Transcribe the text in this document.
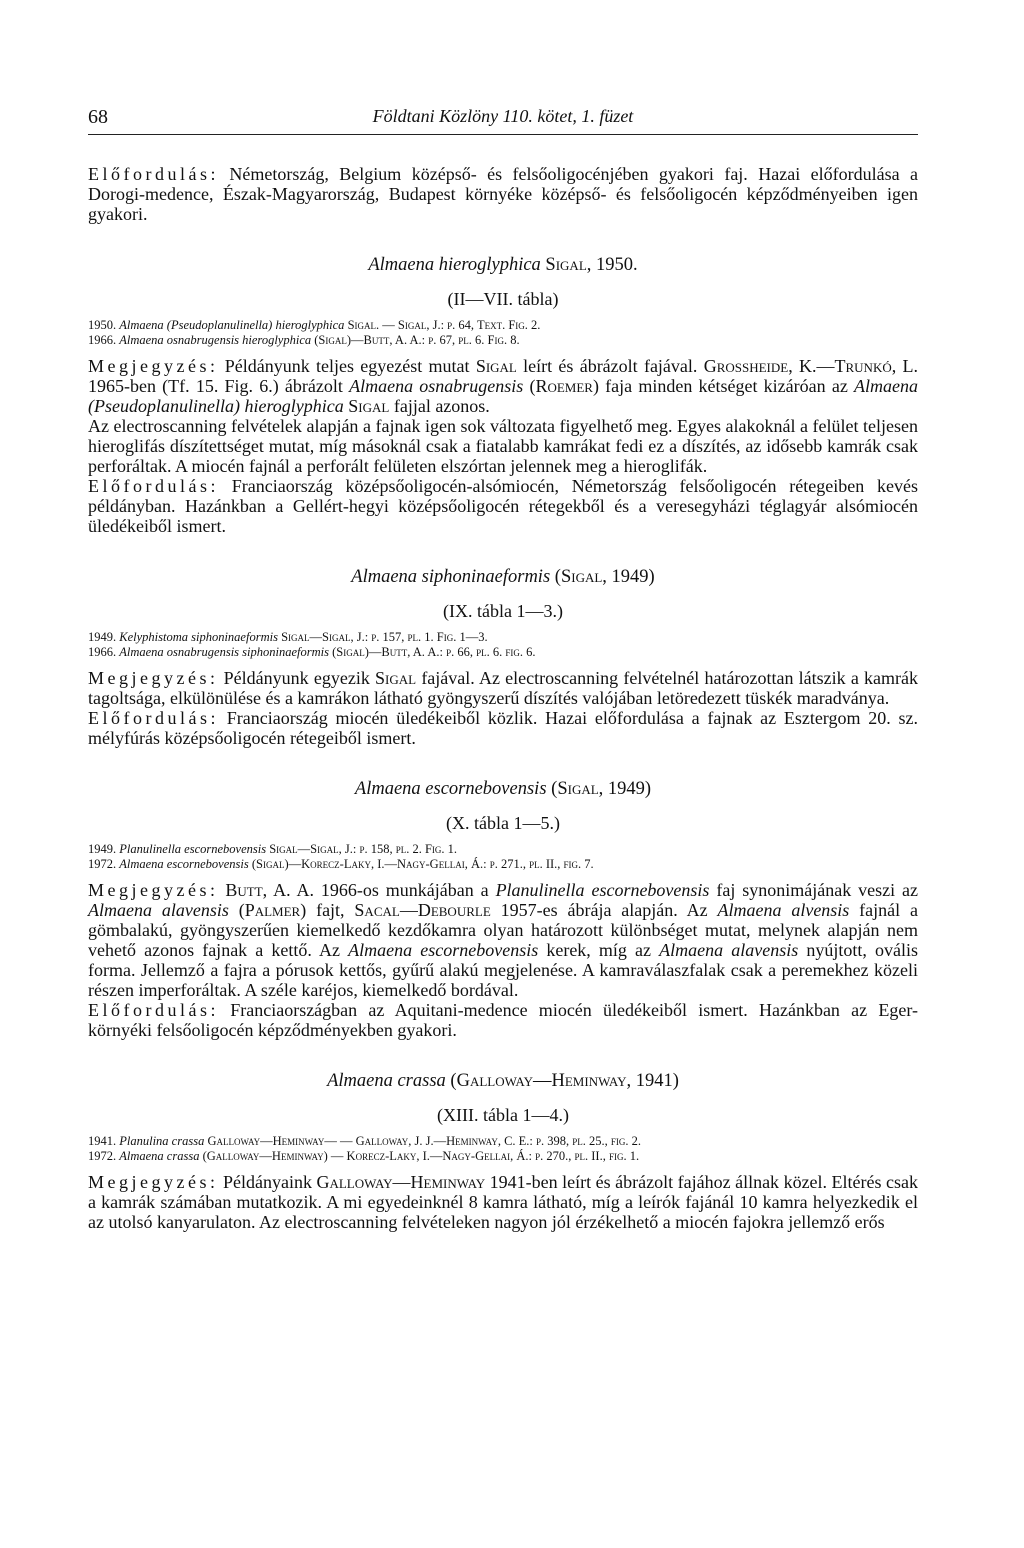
68	Földtani Közlöny 110. kötet, 1. füzet

Előfordulás: Németország, Belgium középső- és felsőoligocénjében gyakori faj. Hazai előfordulása a Dorogi-medence, Észak-Magyarország, Budapest környéke középső- és felsőoligocén képződményeiben igen gyakori.

Almaena hieroglyphica Sigal, 1950.

(II—VII. tábla)

1950. Almaena (Pseudoplanulinella) hieroglyphica Sigal. — Sigal, J.: p. 64, Text. Fig. 2.
1966. Almaena osnabrugensis hieroglyphica (Sigal)—Butt, A. A.: p. 67, pl. 6. Fig. 8.

Megjegyzés: Példányunk teljes egyezést mutat Sigal leírt és ábrázolt fajával. Grossheide, K.—Trunkó, L. 1965-ben (Tf. 15. Fig. 6.) ábrázolt Almaena osnabrugensis (Roemer) faja minden kétséget kizáróan az Almaena (Pseudoplanulinella) hieroglyphica Sigal fajjal azonos.

Az electroscanning felvételek alapján a fajnak igen sok változata figyelhető meg. Egyes alakoknál a felület teljesen hieroglifás díszítettséget mutat, míg másoknál csak a fiatalabb kamrákat fedi ez a díszítés, az idősebb kamrák csak perforáltak. A miocén fajnál a perforált felületen elszórtan jelennek meg a hieroglifák.

Előfordulás: Franciaország középsőoligocén-alsómiocén, Németország felsőoligocén rétegeiben kevés példányban. Hazánkban a Gellért-hegyi középsőoligocén rétegekből és a veresegyházi téglagyár alsómiocén üledékeiből ismert.

Almaena siphoninaeformis (Sigal, 1949)

(IX. tábla 1—3.)

1949. Kelyphistoma siphoninaeformis Sigal—Sigal, J.: p. 157, pl. 1. Fig. 1—3.
1966. Almaena osnabrugensis siphoninaeformis (Sigal)—Butt, A. A.: p. 66, pl. 6. fig. 6.

Megjegyzés: Példányunk egyezik Sigal fajával. Az electroscanning felvételnél határozottan látszik a kamrák tagoltsága, elkülönülése és a kamrákon látható gyöngyszerű díszítés valójában letöredezett tüskék maradványa.

Előfordulás: Franciaország miocén üledékeiből közlik. Hazai előfordulása a fajnak az Esztergom 20. sz. mélyfúrás középsőoligocén rétegeiből ismert.

Almaena escornebovensis (Sigal, 1949)

(X. tábla 1—5.)

1949. Planulinella escornebovensis Sigal—Sigal, J.: p. 158, pl. 2. Fig. 1.
1972. Almaena escornebovensis (Sigal)—Korecz-Laky, I.—Nagy-Gellai, Á.: p. 271., pl. II., fig. 7.

Megjegyzés: Butt, A. A. 1966-os munkájában a Planulinella escornebovensis faj synonimájának veszi az Almaena alavensis (Palmer) fajt, Sacal—Debourle 1957-es ábrája alapján. Az Almaena alvensis fajnál a gömbalakú, gyöngyszerűen kiemelkedő kezdőkamra olyan határozott különbséget mutat, melynek alapján nem vehető azonos fajnak a kettő. Az Almaena escornebovensis kerek, míg az Almaena alavensis nyújtott, ovális forma. Jellemző a fajra a pórusok kettős, gyűrű alakú megjelenése. A kamraválaszfalak csak a peremekhez közeli részen imperforáltak. A széle karéjos, kiemelkedő bordával.

Előfordulás: Franciaországban az Aquitani-medence miocén üledékeiből ismert. Hazánkban az Eger-környéki felsőoligocén képződményekben gyakori.

Almaena crassa (Galloway—Heminway, 1941)

(XIII. tábla 1—4.)

1941. Planulina crassa Galloway—Heminway— — Galloway, J. J.—Heminway, C. E.: p. 398, pl. 25., fig. 2.
1972. Almaena crassa (Galloway—Heminway) — Korecz-Laky, I.—Nagy-Gellai, Á.: p. 270., pl. II., fig. 1.

Megjegyzés: Példányaink Galloway—Heminway 1941-ben leírt és ábrázolt fajához állnak közel. Eltérés csak a kamrák számában mutatkozik. A mi egyedeinknél 8 kamra látható, míg a leírók fajánál 10 kamra helyezkedik el az utolsó kanyarulaton. Az electroscanning felvételeken nagyon jól érzékelhető a miocén fajokra jellemző erős
